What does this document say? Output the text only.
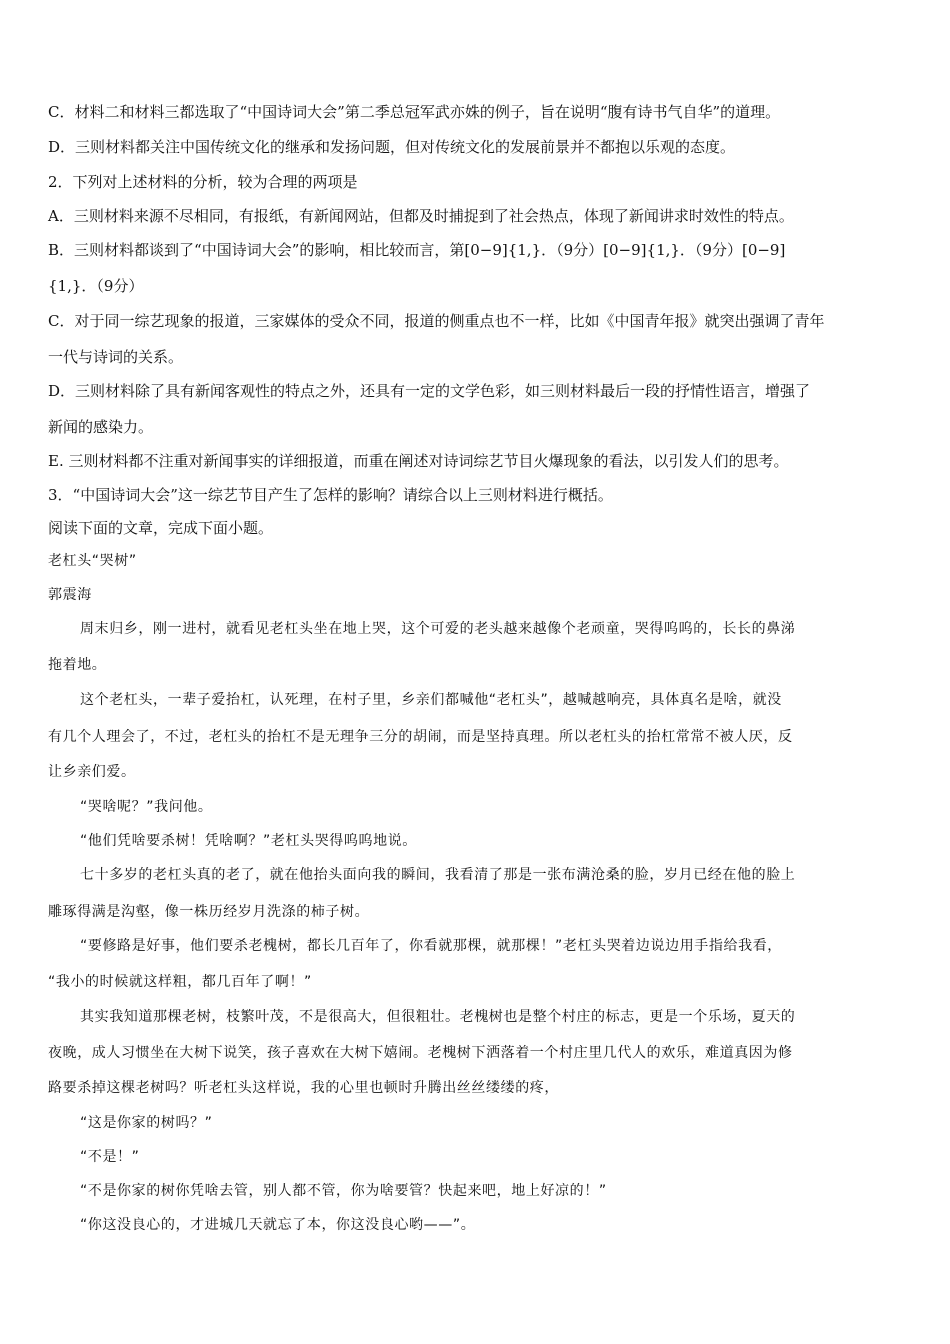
C．材料二和材料三都选取了“中国诗词大会”第二季总冠军武亦姝的例子，旨在说明“腹有诗书气自华”的道理。
D．三则材料都关注中国传统文化的继承和发扬问题，但对传统文化的发展前景并不都抱以乐观的态度。
2．下列对上述材料的分析，较为合理的两项是
A．三则材料来源不尽相同，有报纸，有新闻网站，但都及时捕捉到了社会热点，体现了新闻讲求时效性的特点。
B．三则材料都谈到了“中国诗词大会”的影响，相比较而言，第[0−9]{1,}．（9分）[0−9]{1,}．（9分）[0−9]
{1,}．（9分）
C．对于同一综艺现象的报道，三家媒体的受众不同，报道的侧重点也不一样，比如《中国青年报》就突出强调了青年
一代与诗词的关系。
D．三则材料除了具有新闻客观性的特点之外，还具有一定的文学色彩，如三则材料最后一段的抒情性语言，增强了
新闻的感染力。
E. 三则材料都不注重对新闻事实的详细报道，而重在阐述对诗词综艺节目火爆现象的看法，以引发人们的思考。
3．“中国诗词大会”这一综艺节目产生了怎样的影响？请综合以上三则材料进行概括。
阅读下面的文章，完成下面小题。
老杠头“哭树”
郭震海
周末归乡，刚一进村，就看见老杠头坐在地上哭，这个可爱的老头越来越像个老顽童，哭得呜呜的，长长的鼻涕
拖着地。
这个老杠头，一辈子爱抬杠，认死理，在村子里，乡亲们都喊他“老杠头”，越喊越响亮，具体真名是啥，就没
有几个人理会了，不过，老杠头的抬杠不是无理争三分的胡闹，而是坚持真理。所以老杠头的抬杠常常不被人厌，反
让乡亲们爱。
“哭啥呢？”我问他。
“他们凭啥要杀树！凭啥啊？”老杠头哭得呜呜地说。
七十多岁的老杠头真的老了，就在他抬头面向我的瞬间，我看清了那是一张布满沧桑的脸，岁月已经在他的脸上
雕琢得满是沟壑，像一株历经岁月洗涤的柿子树。
“要修路是好事，他们要杀老槐树，都长几百年了，你看就那棵，就那棵！”老杠头哭着边说边用手指给我看，
“我小的时候就这样粗，都几百年了啊！”
其实我知道那棵老树，枝繁叶茂，不是很高大，但很粗壮。老槐树也是整个村庄的标志，更是一个乐场，夏天的
夜晚，成人习惯坐在大树下说笑，孩子喜欢在大树下嬉闹。老槐树下洒落着一个村庄里几代人的欢乐，难道真因为修
路要杀掉这棵老树吗？听老杠头这样说，我的心里也顿时升腾出丝丝缕缕的疼，
“这是你家的树吗？”
“不是！”
“不是你家的树你凭啥去管，别人都不管，你为啥要管？快起来吧，地上好凉的！”
“你这没良心的，才进城几天就忘了本，你这没良心哟——”。
